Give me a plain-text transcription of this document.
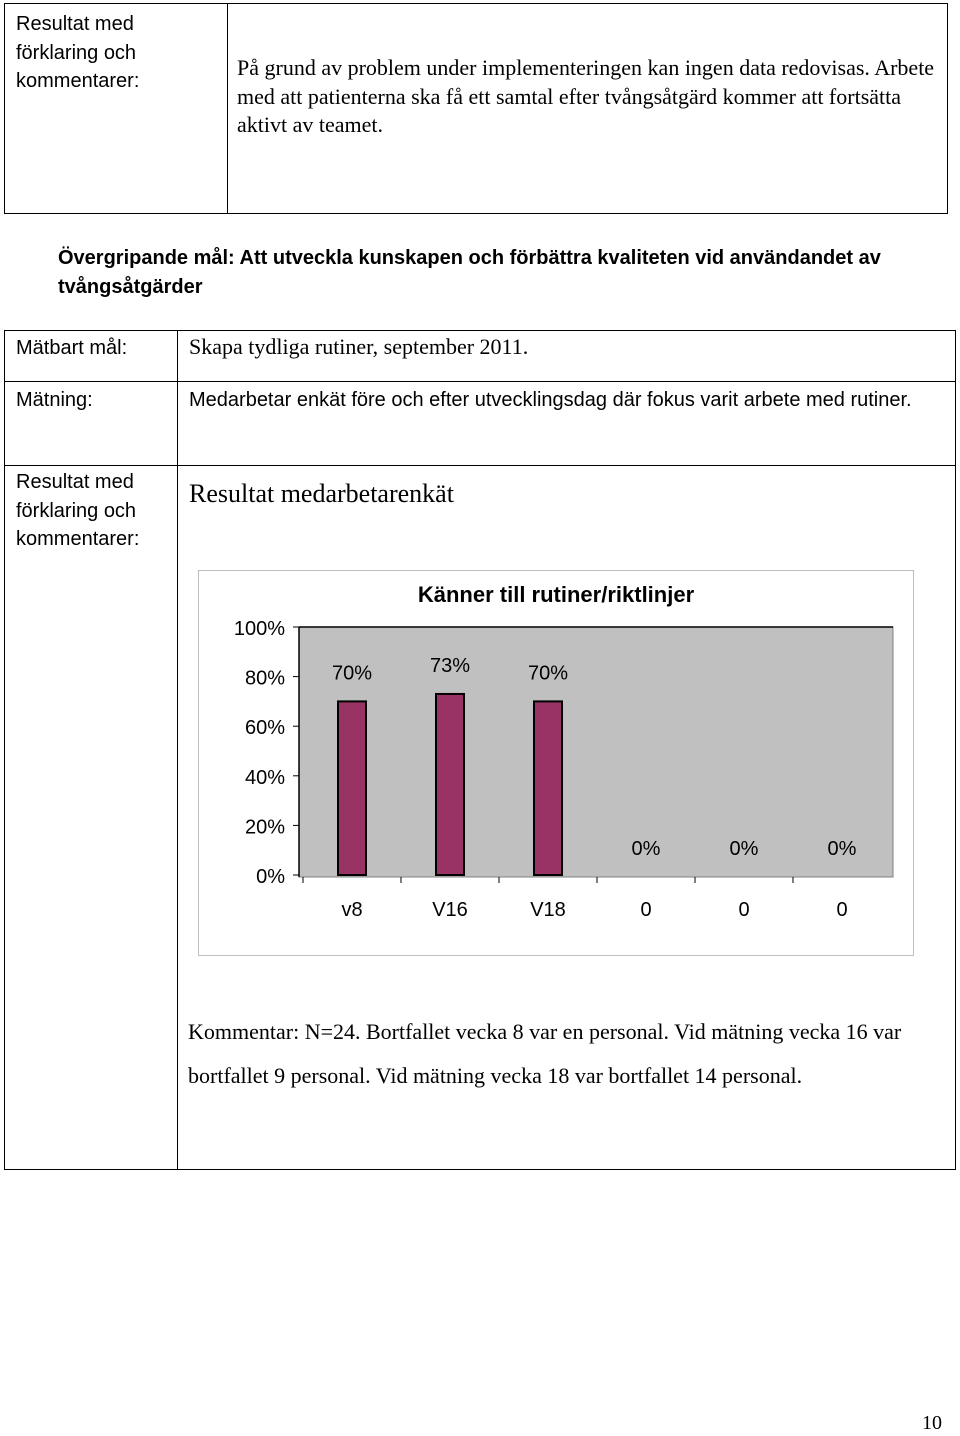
Resultat med
förklaring och
kommentarer:
På grund av problem under implementeringen kan ingen data redovisas. Arbete med att patienterna ska få ett samtal efter tvångsåtgärd kommer att fortsätta aktivt av teamet.
Övergripande mål: Att utveckla kunskapen och förbättra kvaliteten vid användandet av tvångsåtgärder
Mätbart mål:	Skapa tydliga rutiner, september 2011.
Mätning:	Medarbetar enkät före och efter utvecklingsdag där fokus varit arbete med rutiner.
Resultat med
förklaring och
kommentarer:
Resultat medarbetarenkät
Känner till rutiner/riktlinjer
0%
20%
40%
60%
80%
100%
70%
v8
73%
V16
70%
V18
0%
0
0%
0
0%
0
Kommentar: N=24. Bortfallet vecka 8 var en personal. Vid mätning vecka 16 var bortfallet 9 personal. Vid mätning vecka 18 var bortfallet 14 personal.
10
